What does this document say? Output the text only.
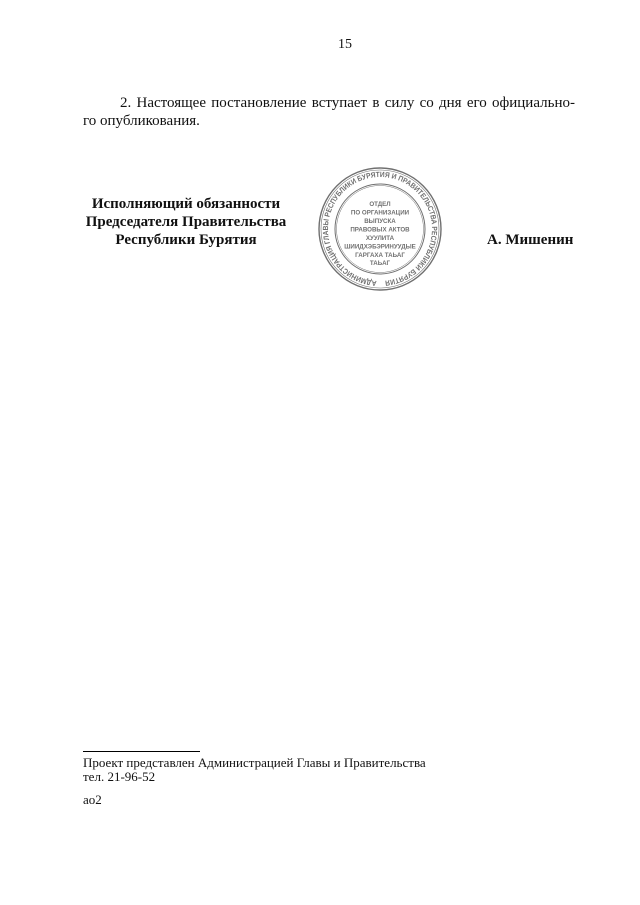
15
2. Настоящее постановление вступает в силу со дня его официально-
го опубликования.
Исполняющий обязанности
Председателя Правительства
Республики Бурятия
АДМИНИСТРАЦИЯ ГЛАВЫ РЕСПУБЛИКИ БУРЯТИЯ И ПРАВИТЕЛЬСТВА РЕСПУБЛИКИ БУРЯТИЯ
ОТДЕЛ
ПО ОРГАНИЗАЦИИ
ВЫПУСКА
ПРАВОВЫХ АКТОВ
ХУУЛИТА
ШИИДХЭБЭРИНУУДЫЕ
ГАРГАХА ТАЬАГ
ТАЬАГ
А. Мишенин
Проект представлен Администрацией Главы и Правительства
тел. 21-96-52
ао2
